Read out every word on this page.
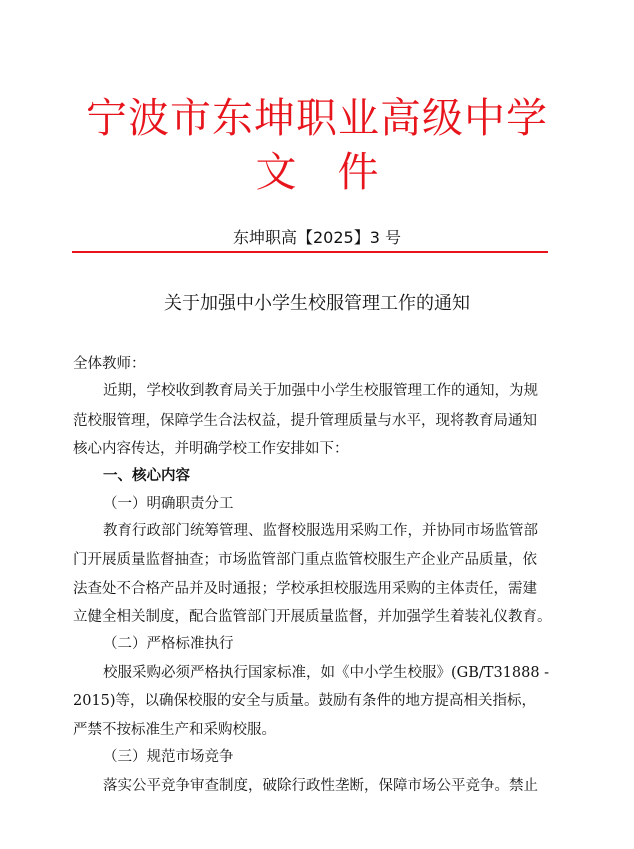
宁波市东坤职业高级中学
文　件
东坤职高【2025】3 号
关于加强中小学生校服管理工作的通知
全体教师：
近期，学校收到教育局关于加强中小学生校服管理工作的通知，为规
范校服管理，保障学生合法权益，提升管理质量与水平，现将教育局通知
核心内容传达，并明确学校工作安排如下：
一、核心内容
（一）明确职责分工
教育行政部门统筹管理、监督校服选用采购工作，并协同市场监管部
门开展质量监督抽查；市场监管部门重点监管校服生产企业产品质量，依
法查处不合格产品并及时通报；学校承担校服选用采购的主体责任，需建
立健全相关制度，配合监管部门开展质量监督，并加强学生着装礼仪教育。
（二）严格标准执行
校服采购必须严格执行国家标准，如《中小学生校服》(GB/T31888 -
2015)等，以确保校服的安全与质量。鼓励有条件的地方提高相关指标，
严禁不按标准生产和采购校服。
（三）规范市场竞争
落实公平竞争审查制度，破除行政性垄断，保障市场公平竞争。禁止
